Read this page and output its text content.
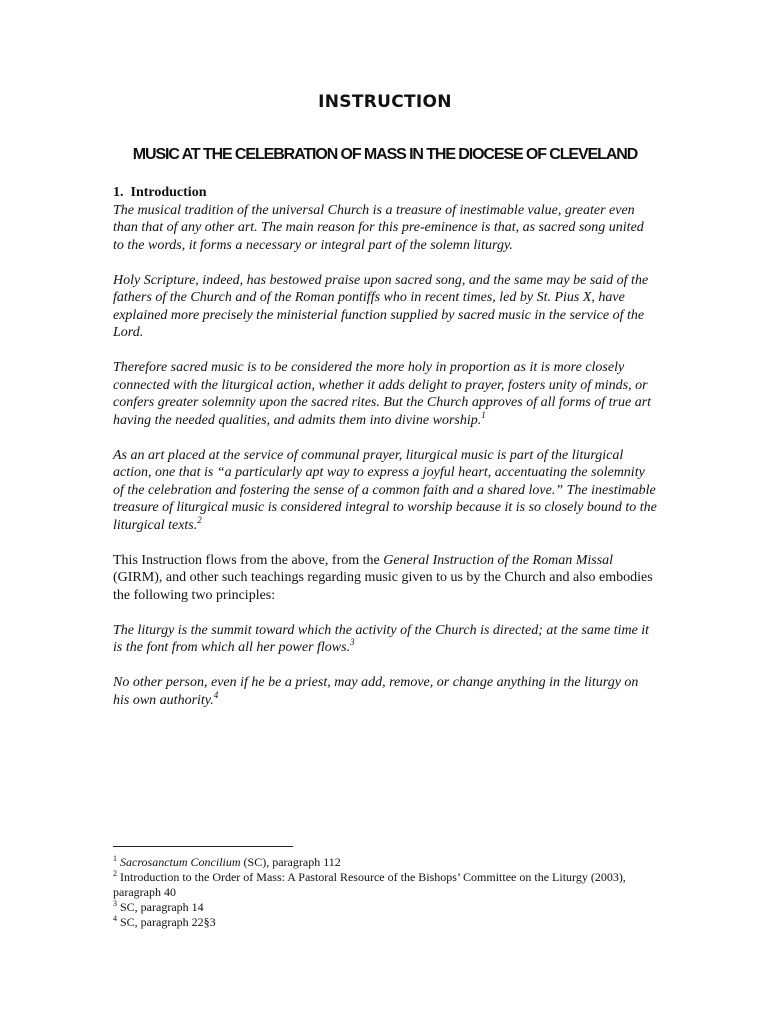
INSTRUCTION
MUSIC AT THE CELEBRATION OF MASS IN THE DIOCESE OF CLEVELAND
1. Introduction

The musical tradition of the universal Church is a treasure of inestimable value, greater even than that of any other art. The main reason for this pre-eminence is that, as sacred song united to the words, it forms a necessary or integral part of the solemn liturgy.

Holy Scripture, indeed, has bestowed praise upon sacred song, and the same may be said of the fathers of the Church and of the Roman pontiffs who in recent times, led by St. Pius X, have explained more precisely the ministerial function supplied by sacred music in the service of the Lord.

Therefore sacred music is to be considered the more holy in proportion as it is more closely connected with the liturgical action, whether it adds delight to prayer, fosters unity of minds, or confers greater solemnity upon the sacred rites. But the Church approves of all forms of true art having the needed qualities, and admits them into divine worship.$^1$

As an art placed at the service of communal prayer, liturgical music is part of the liturgical action, one that is “a particularly apt way to express a joyful heart, accentuating the solemnity of the celebration and fostering the sense of a common faith and a shared love.” The inestimable treasure of liturgical music is considered integral to worship because it is so closely bound to the liturgical texts.$^2$

This Instruction flows from the above, from the General Instruction of the Roman Missal (GIRM), and other such teachings regarding music given to us by the Church and also embodies the following two principles:

The liturgy is the summit toward which the activity of the Church is directed; at the same time it is the font from which all her power flows.$^3$

No other person, even if he be a priest, may add, remove, or change anything in the liturgy on his own authority.$^4$

$^1$ Sacrosanctum Concilium (SC), paragraph 112

$^2$ Introduction to the Order of Mass: A Pastoral Resource of the Bishops’ Committee on the Liturgy (2003), paragraph 40

$^3$ SC, paragraph 14

$^4$ SC, paragraph 22§3
